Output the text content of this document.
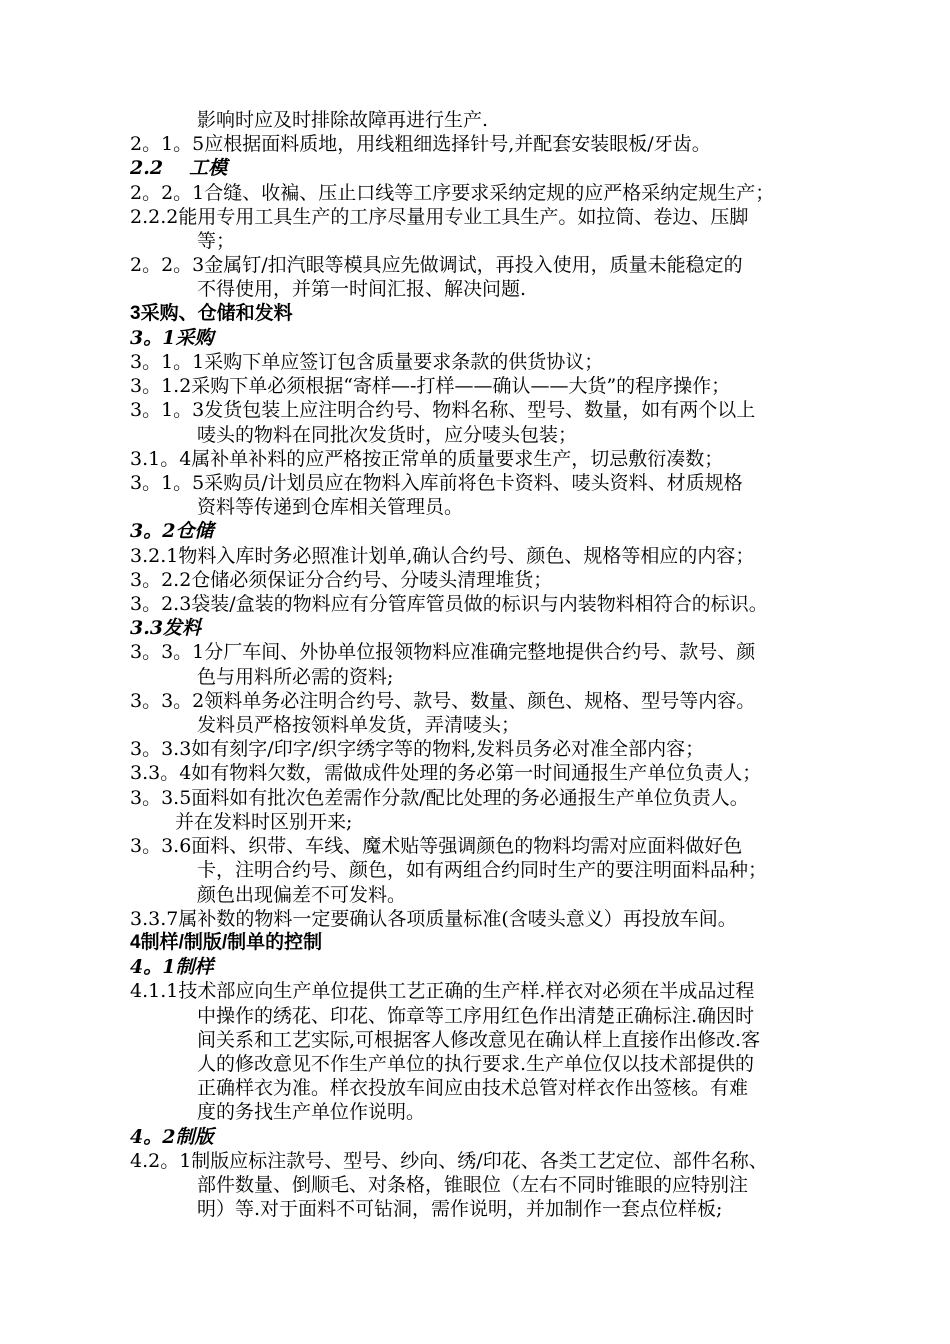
影响时应及时排除故障再进行生产.

2。1。5应根据面料质地，用线粗细选择针号,并配套安装眼板/牙齿。

2.2 工模

2。2。1合缝、收褊、压止口线等工序要求采纳定规的应严格采纳定规生产；

2.2.2能用专用工具生产的工序尽量用专业工具生产。如拉筒、卷边、压脚

等；

2。2。3金属钉/扣汽眼等模具应先做调试，再投入使用，质量未能稳定的

不得使用，并第一时间汇报、解决问题.

3采购、仓储和发料

3。1采购

3。1。1采购下单应签订包含质量要求条款的供货协议；

3。1.2采购下单必须根据“寄样—-打样——确认——大货”的程序操作；

3。1。3发货包装上应注明合约号、物料名称、型号、数量，如有两个以上

唛头的物料在同批次发货时，应分唛头包装；

3.1。4属补单补料的应严格按正常单的质量要求生产，切忌敷衍凑数；

3。1。5采购员/计划员应在物料入库前将色卡资料、唛头资料、材质规格

资料等传递到仓库相关管理员。

3。2仓储

3.2.1物料入库时务必照准计划单,确认合约号、颜色、规格等相应的内容；

3。2.2仓储必须保证分合约号、分唛头清理堆货；

3。2.3袋装/盒装的物料应有分管库管员做的标识与内装物料相符合的标识。

3.3发料

3。3。1分厂车间、外协单位报领物料应准确完整地提供合约号、款号、颜

色与用料所必需的资料;

3。3。2领料单务必注明合约号、款号、数量、颜色、规格、型号等内容。

发料员严格按领料单发货，弄清唛头；

3。3.3如有刻字/印字/织字绣字等的物料,发料员务必对准全部内容；

3.3。4如有物料欠数，需做成件处理的务必第一时间通报生产单位负责人；

3。3.5面料如有批次色差需作分款/配比处理的务必通报生产单位负责人。

并在发料时区别开来;

3。3.6面料、织带、车线、魔术贴等强调颜色的物料均需对应面料做好色

卡，注明合约号、颜色，如有两组合约同时生产的要注明面料品种；

颜色出现偏差不可发料。

3.3.7属补数的物料一定要确认各项质量标准(含唛头意义）再投放车间。

4制样/制版/制单的控制

4。1制样

4.1.1技术部应向生产单位提供工艺正确的生产样.样衣对必须在半成品过程

中操作的绣花、印花、饰章等工序用红色作出清楚正确标注.确因时

间关系和工艺实际,可根据客人修改意见在确认样上直接作出修改.客

人的修改意见不作生产单位的执行要求.生产单位仅以技术部提供的

正确样衣为准。样衣投放车间应由技术总管对样衣作出签核。有难

度的务找生产单位作说明。

4。2制版

4.2。1制版应标注款号、型号、纱向、绣/印花、各类工艺定位、部件名称、

部件数量、倒顺毛、对条格，锥眼位（左右不同时锥眼的应特别注

明）等.对于面料不可钻洞，需作说明，并加制作一套点位样板;
